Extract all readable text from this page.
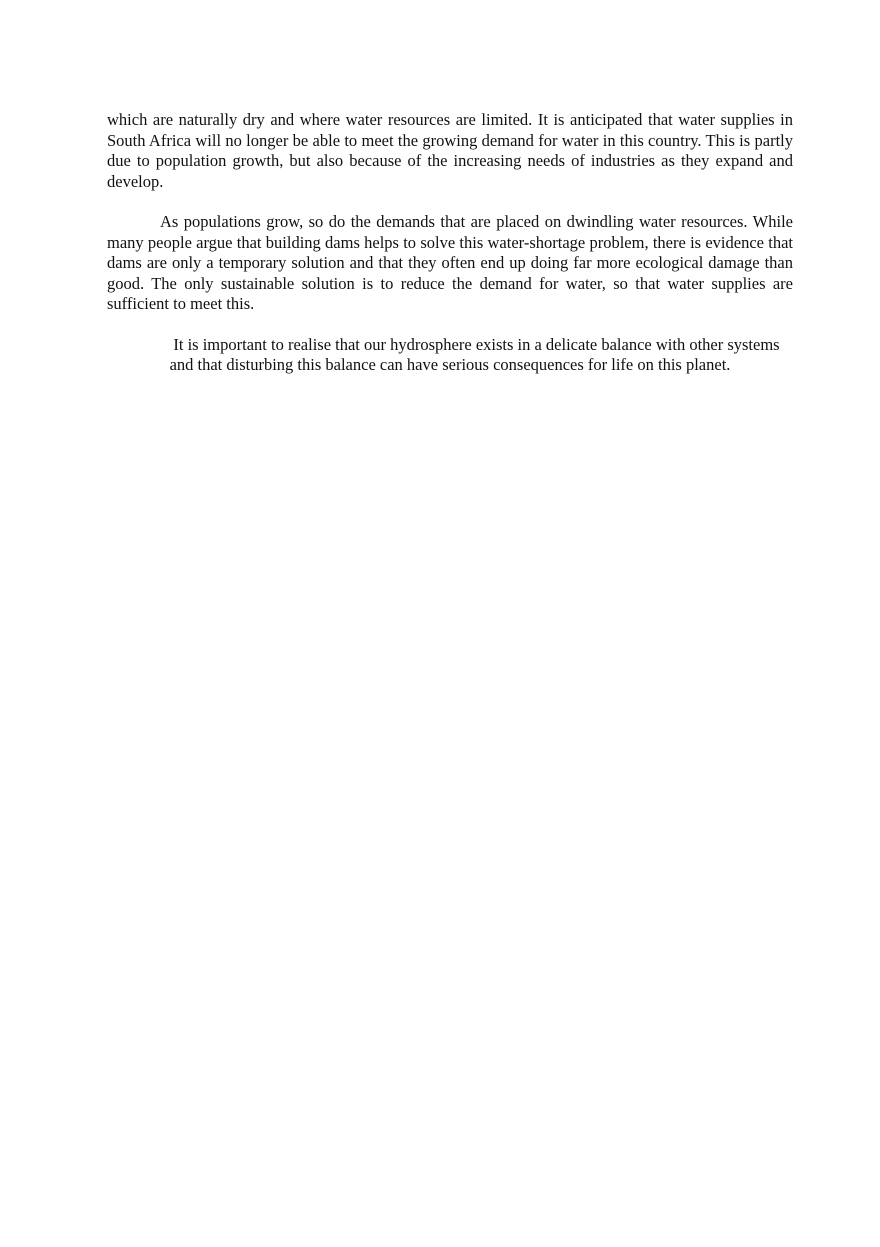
which are naturally dry and where water resources are limited. It is anticipated that water supplies in South Africa will no longer be able to meet the growing demand for water in this country. This is partly due to population growth, but also because of the increasing needs of industries as they expand and develop.

As populations grow, so do the demands that are placed on dwindling water resources. While many people argue that building dams helps to solve this water-shortage problem, there is evidence that dams are only a temporary solution and that they often end up doing far more ecological damage than good. The only sustainable solution is to reduce the demand for water, so that water supplies are sufficient to meet this.

It is important to realise that our hydrosphere exists in a delicate balance with other systems and that disturbing this balance can have serious consequences for life on this planet.
